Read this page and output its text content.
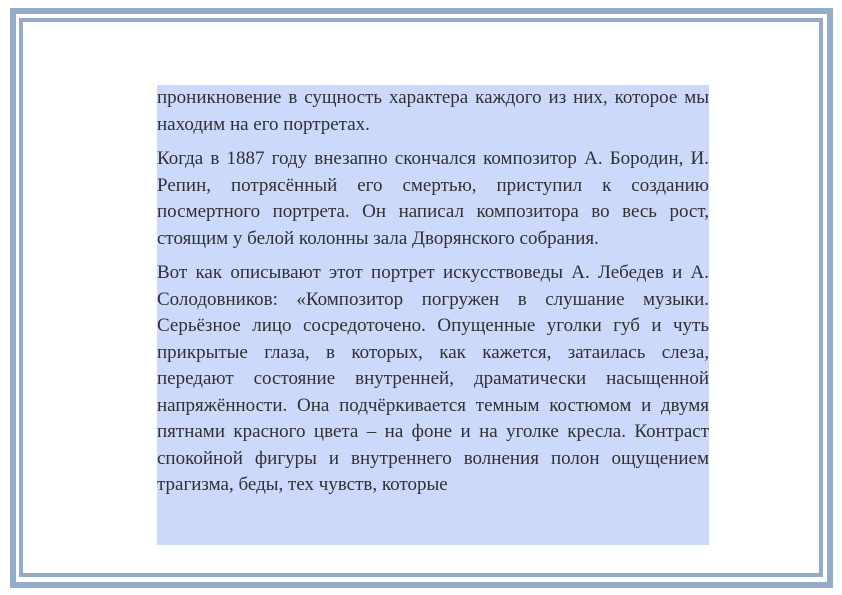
проникновение в сущность характера каждого из них, которое мы находим на его портретах.

Когда в 1887 году внезапно скончался композитор А. Бородин, И. Репин, потрясённый его смертью, приступил к созданию посмертного портрета. Он написал композитора во весь рост, стоящим у белой колонны зала Дворянского собрания.

Вот как описывают этот портрет искусствоведы А. Лебедев и А. Солодовников: «Композитор погружен в слушание музыки. Серьёзное лицо сосредоточено. Опущенные уголки губ и чуть прикрытые глаза, в которых, как кажется, затаилась слеза, передают состояние внутренней, драматически насыщенной напряжённости. Она подчёркивается темным костюмом и двумя пятнами красного цвета – на фоне и на уголке кресла. Контраст спокойной фигуры и внутреннего волнения полон ощущением трагизма, беды, тех чувств, которые
